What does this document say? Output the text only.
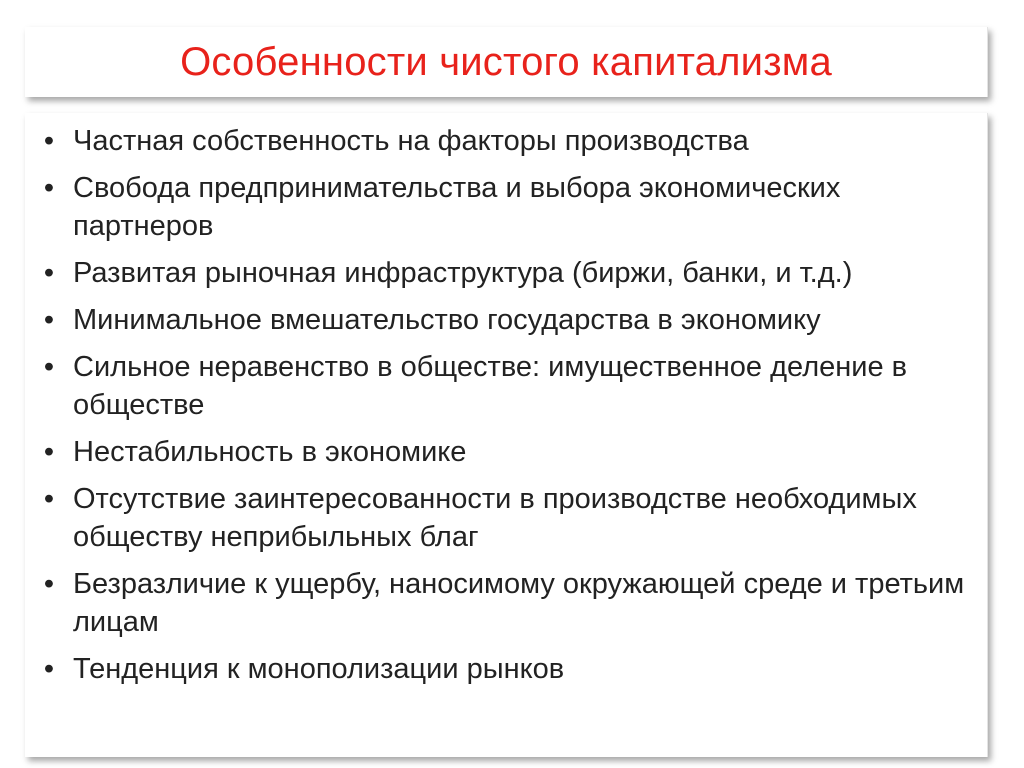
Особенности чистого капитализма
• Частная собственность на факторы производства
• Свобода предпринимательства и выбора экономических партнеров
• Развитая рыночная инфраструктура (биржи, банки, и т.д.)
• Минимальное вмешательство государства в экономику
• Сильное неравенство в обществе: имущественное деление в обществе
• Нестабильность в экономике
• Отсутствие заинтересованности в производстве необходимых обществу неприбыльных благ
• Безразличие к ущербу, наносимому окружающей среде и третьим лицам
• Тенденция к монополизации рынков
